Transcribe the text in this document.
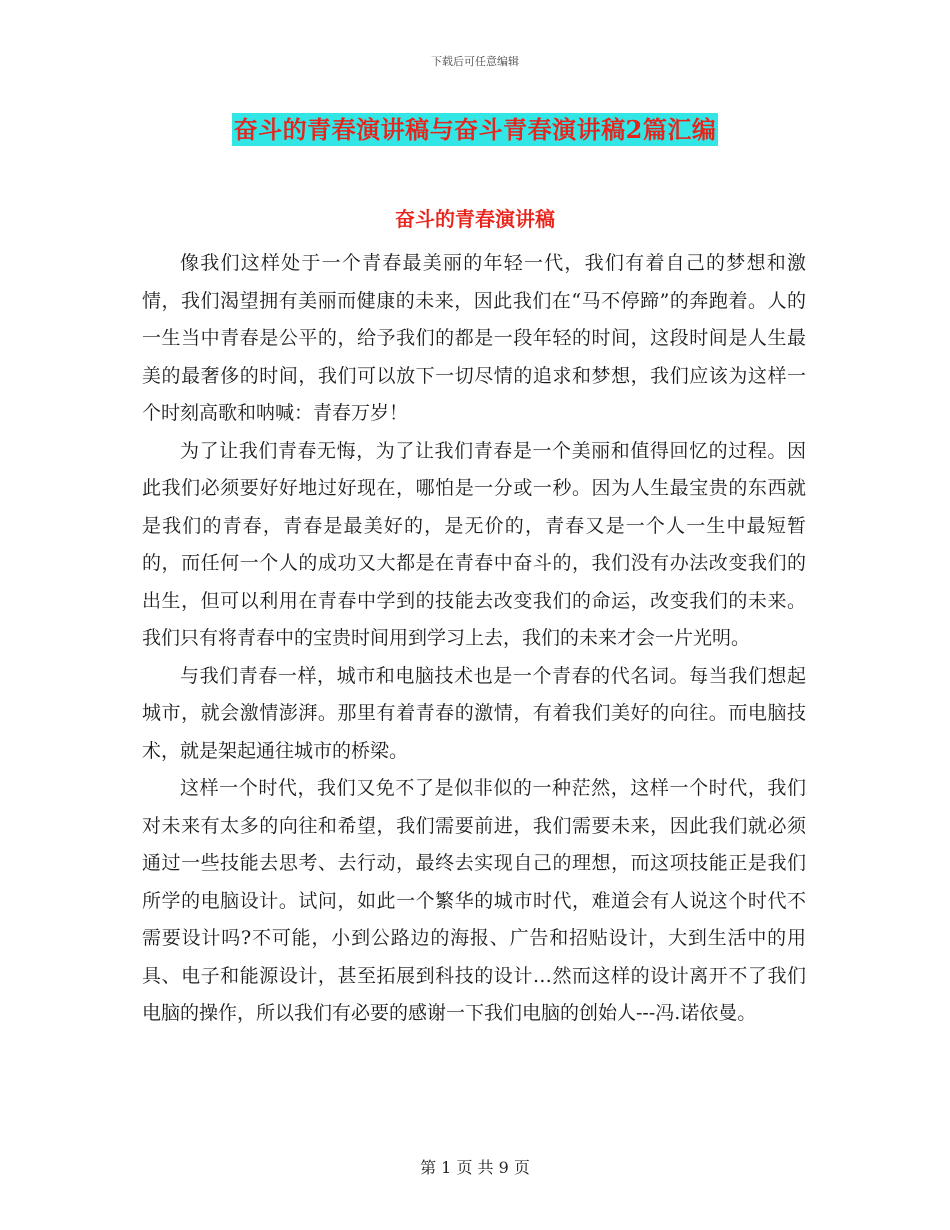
下载后可任意编辑
奋斗的青春演讲稿与奋斗青春演讲稿2篇汇编
奋斗的青春演讲稿

像我们这样处于一个青春最美丽的年轻一代，我们有着自己的梦想和激情，我们渴望拥有美丽而健康的未来，因此我们在“马不停蹄”的奔跑着。人的一生当中青春是公平的，给予我们的都是一段年轻的时间，这段时间是人生最美的最奢侈的时间，我们可以放下一切尽情的追求和梦想，我们应该为这样一个时刻高歌和呐喊：青春万岁！

为了让我们青春无悔，为了让我们青春是一个美丽和值得回忆的过程。因此我们必须要好好地过好现在，哪怕是一分或一秒。因为人生最宝贵的东西就是我们的青春，青春是最美好的，是无价的，青春又是一个人一生中最短暂的，而任何一个人的成功又大都是在青春中奋斗的，我们没有办法改变我们的出生，但可以利用在青春中学到的技能去改变我们的命运，改变我们的未来。我们只有将青春中的宝贵时间用到学习上去，我们的未来才会一片光明。

与我们青春一样，城市和电脑技术也是一个青春的代名词。每当我们想起城市，就会激情澎湃。那里有着青春的激情，有着我们美好的向往。而电脑技术，就是架起通往城市的桥梁。

这样一个时代，我们又免不了是似非似的一种茫然，这样一个时代，我们对未来有太多的向往和希望，我们需要前进，我们需要未来，因此我们就必须通过一些技能去思考、去行动，最终去实现自己的理想，而这项技能正是我们所学的电脑设计。试问，如此一个繁华的城市时代，难道会有人说这个时代不需要设计吗?不可能，小到公路边的海报、广告和招贴设计，大到生活中的用具、电子和能源设计，甚至拓展到科技的设计…然而这样的设计离开不了我们电脑的操作，所以我们有必要的感谢一下我们电脑的创始人---冯.诺依曼。

第 1 页 共 9 页
